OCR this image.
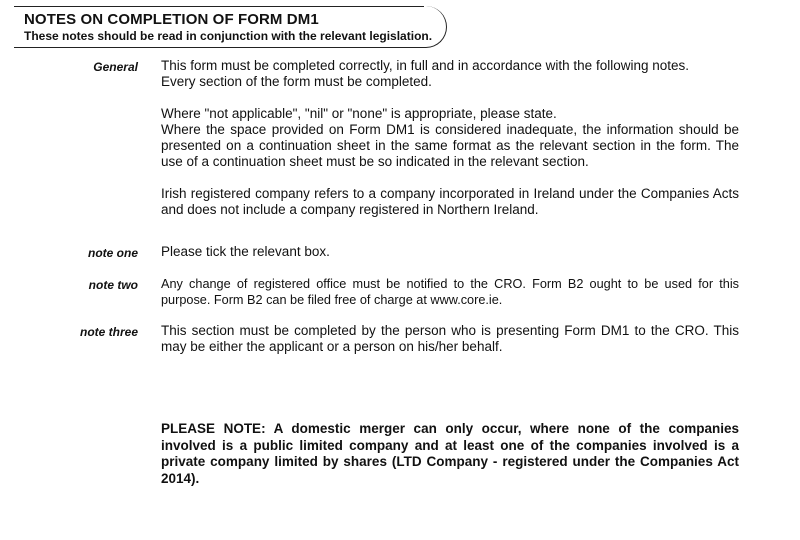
NOTES ON COMPLETION OF FORM DM1
These notes should be read in conjunction with the relevant legislation.
General This form must be completed correctly, in full and in accordance with the following notes.

Every section of the form must be completed.

Where "not applicable", "nil" or "none" is appropriate, please state.

Where the space provided on Form DM1 is considered inadequate, the information should be presented on a continuation sheet in the same format as the relevant section in the form. The use of a continuation sheet must be so indicated in the relevant section.

Irish registered company refers to a company incorporated in Ireland under the Companies Acts and does not include a company registered in Northern Ireland.

note one Please tick the relevant box.
note two Any change of registered office must be notified to the CRO. Form B2 ought to be used for this purpose. Form B2 can be filed free of charge at www.core.ie.
note three This section must be completed by the person who is presenting Form DM1 to the CRO. This may be either the applicant or a person on his/her behalf.
PLEASE NOTE: A domestic merger can only occur, where none of the companies involved is a public limited company and at least one of the companies involved is a private company limited by shares (LTD Company - registered under the Companies Act 2014).
